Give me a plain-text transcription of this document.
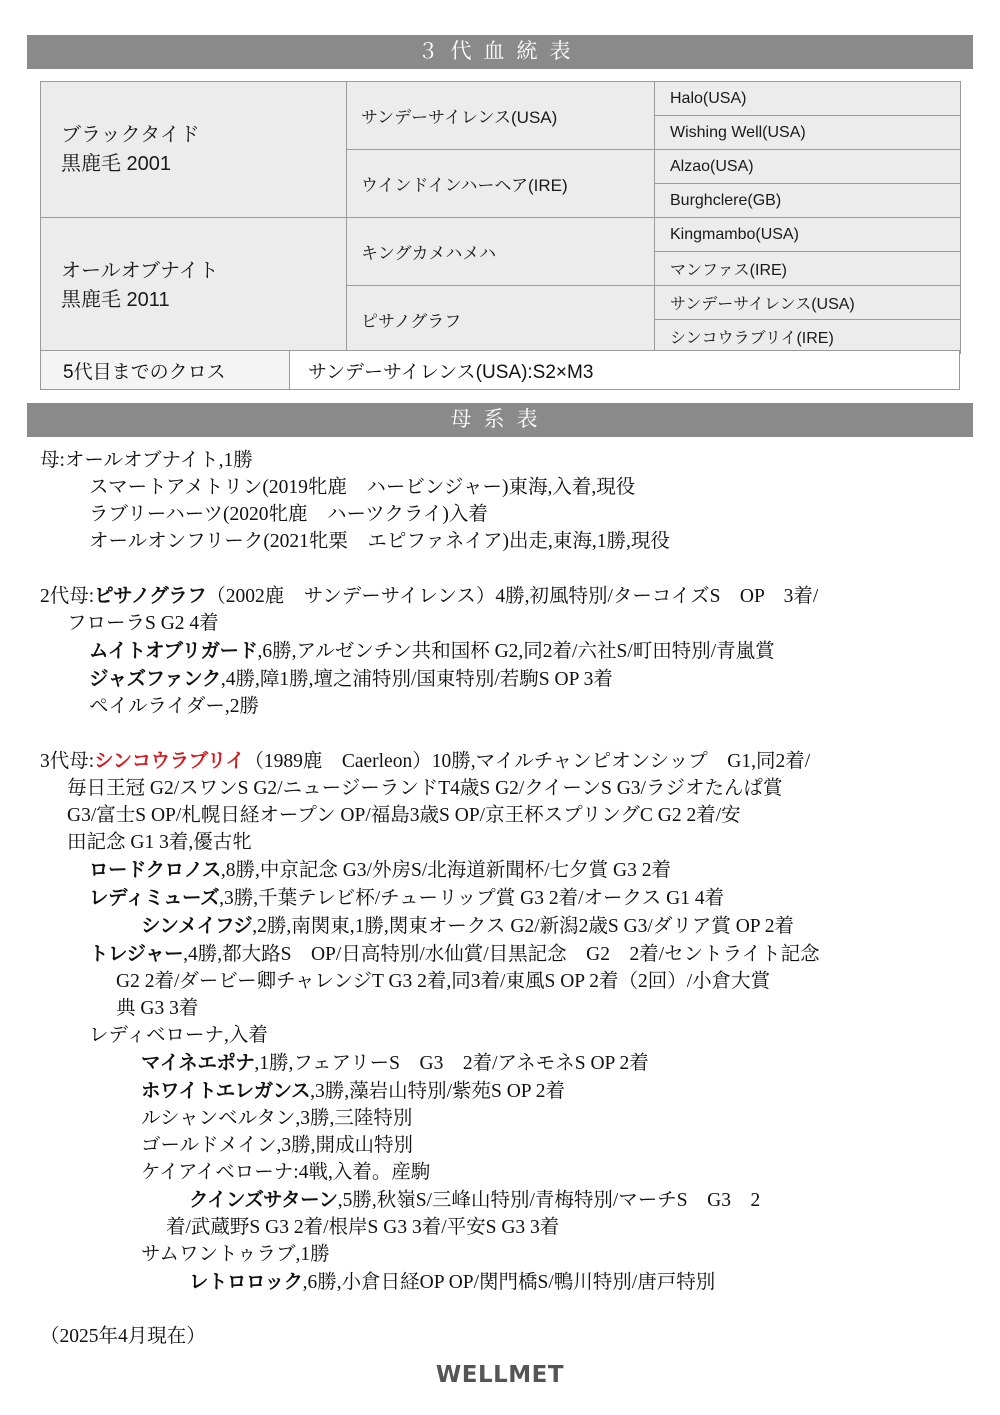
３代血統表
ブラックタイド
黒鹿毛 2001	サンデーサイレンス(USA)	Halo(USA)
		Wishing Well(USA)
	ウインドインハーヘア(IRE)	Alzao(USA)
		Burghclere(GB)

オールオブナイト
黒鹿毛 2011	キングカメハメハ	Kingmambo(USA)
		マンファス(IRE)
	ピサノグラフ	サンデーサイレンス(USA)
		シンコウラブリイ(IRE)
5代目までのクロス	サンデーサイレンス(USA):S2×M3
母系表

母:オールオブナイト,1勝

スマートアメトリン(2019牝鹿　ハービンジャー)東海,入着,現役

ラブリーハーツ(2020牝鹿　ハーツクライ)入着

オールオンフリーク(2021牝栗　エピファネイア)出走,東海,1勝,現役

2代母:ピサノグラフ（2002鹿　サンデーサイレンス）4勝,初風特別/ターコイズS　OP　3着/

フローラS G2 4着

ムイトオブリガード,6勝,アルゼンチン共和国杯 G2,同2着/六社S/町田特別/青嵐賞

ジャズファンク,4勝,障1勝,壇之浦特別/国東特別/若駒S OP 3着

ペイルライダー,2勝

3代母:シンコウラブリイ（1989鹿　Caerleon）10勝,マイルチャンピオンシップ　G1,同2着/

毎日王冠 G2/スワンS G2/ニュージーランドT4歳S G2/クイーンS G3/ラジオたんぱ賞

G3/富士S OP/札幌日経オープン OP/福島3歳S OP/京王杯スプリングC G2 2着/安

田記念 G1 3着,優古牝

ロードクロノス,8勝,中京記念 G3/外房S/北海道新聞杯/七夕賞 G3 2着

レディミューズ,3勝,千葉テレビ杯/チューリップ賞 G3 2着/オークス G1 4着

シンメイフジ,2勝,南関東,1勝,関東オークス G2/新潟2歳S G3/ダリア賞 OP 2着

トレジャー,4勝,都大路S　OP/日高特別/水仙賞/目黒記念　G2　2着/セントライト記念

G2 2着/ダービー卿チャレンジT G3 2着,同3着/東風S OP 2着（2回）/小倉大賞

典 G3 3着

レディベローナ,入着

マイネエポナ,1勝,フェアリーS　G3　2着/アネモネS OP 2着

ホワイトエレガンス,3勝,藻岩山特別/紫苑S OP 2着

ルシャンベルタン,3勝,三陸特別

ゴールドメイン,3勝,開成山特別

ケイアイベローナ:4戦,入着。産駒

クインズサターン,5勝,秋嶺S/三峰山特別/青梅特別/マーチS　G3　2

着/武蔵野S G3 2着/根岸S G3 3着/平安S G3 3着

サムワントゥラブ,1勝

レトロロック,6勝,小倉日経OP OP/関門橋S/鴨川特別/唐戸特別

（2025年4月現在）

WELLMET
